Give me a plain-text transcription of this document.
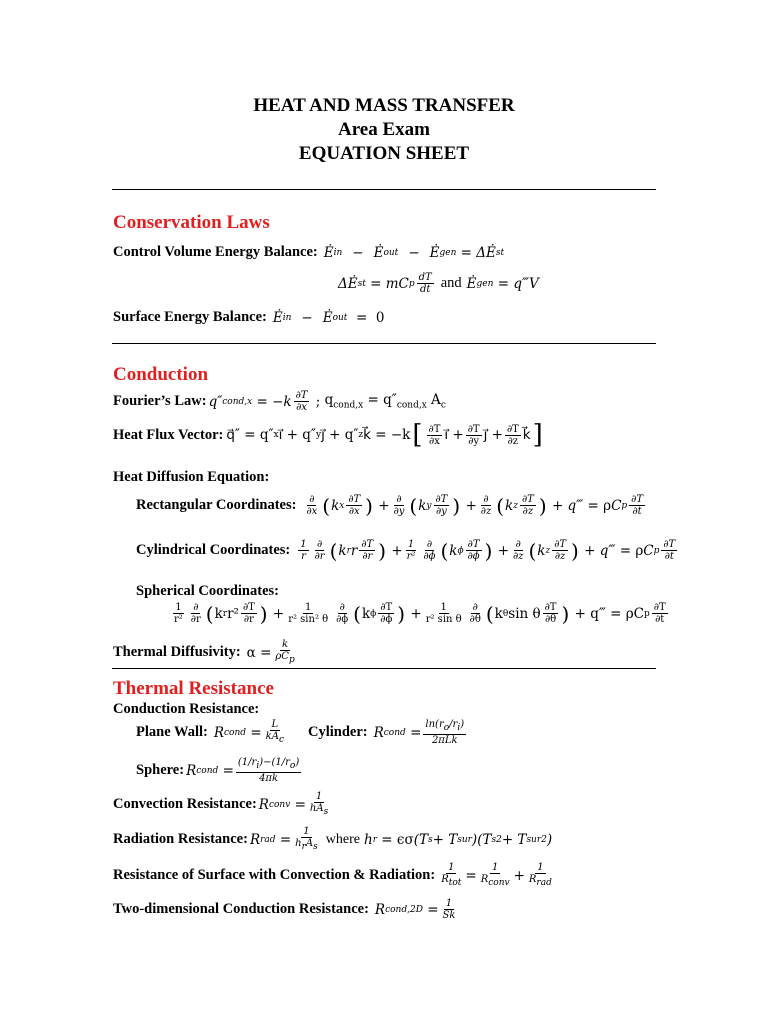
HEAT AND MASS TRANSFER
Area Exam
EQUATION SHEET
Conservation Laws
Control Volume Energy Balance: Ė in − Ė out − Ė gen
= ΔĖ st
ΔĖ st
= mC p $\frac{dT}{dt}$ and Ė gen
= q‴V
Surface Energy Balance: Ė in − Ė out
=
0
Conduction
Fourier’s Law: q″ cond,x
= − k $\frac{\partial T}{\partial x}$
;
$q_{cond,x} = q''_{cond,x}$ $A_c$
Heat Flux Vector: q⃗″ = q″ x i⃗ + q″ y j⃗ + q″ z k⃗ = −k [ $\frac{\partial T}{\partial x}$ i⃗ + $\frac{\partial T}{\partial y}$ j⃗ + $\frac{\partial T}{\partial z}$ k⃗ ]
Heat Diffusion Equation:
Rectangular Coordinates: $\frac{\partial}{\partial x}$ ( k x $\frac{\partial T}{\partial x}$ )
+ $\frac{\partial}{\partial y}$ ( k y $\frac{\partial T}{\partial y}$ )
+ $\frac{\partial}{\partial z}$ ( k z $\frac{\partial T}{\partial z}$ )
+ q‴ = ρ C p $\frac{\partial T}{\partial t}$
Cylindrical Coordinates: $\frac{1}{r} \frac{\partial}{\partial r}$ ( k r r $\frac{\partial T}{\partial r}$ )
+ $\frac{1}{\text{r²}} \frac{\partial}{\partial\phi}$ ( k ϕ $\frac{\partial T}{\partial\phi}$ )
+ $\frac{\partial}{\partial z}$ ( k z $\frac{\partial T}{\partial z}$ )
+ q‴ = ρ C p $\frac{\partial T}{\partial t}$
Spherical Coordinates:
$\frac{1}{\text{r²}} \frac{\partial}{\partial r}$ ( k r $r^2 \frac{\partial T}{\partial r}$ ) + $\frac{1}{\text{r² sin² θ}} \frac{\partial}{\partial\phi}$ ( k ϕ $\frac{\partial T}{\partial\phi}$ ) + $\frac{1}{\text{r² sin θ}} \frac{\partial}{\partial\theta}$ ( k θ sin θ $\frac{\partial T}{\partial\theta}$ ) + q‴ = ρC p $\frac{\partial T}{\partial t}$
Thermal Diffusivity: $\alpha = \frac{k}{\rho C_p}$
Thermal Resistance
Conduction Resistance:
Plane Wall: R cond
= $\frac{L}{kA_c}$ Cylinder: R cond
= $\frac{\ln(r_o/r_i)}{\text{2πLk}}$
Sphere: R cond
= $\frac{(1/r_i)-(1/r_o)}{4\pi k}$
Convection Resistance: R conv
= $\frac{1}{hA_s}$
Radiation Resistance: R rad
= $\frac{1}{h_rA_s}$ where h r
= ϵσ (T s + T sur )(T s 2 + T sur 2 )
Resistance of Surface with Convection & Radiation: $\frac{1}{R_{tot}} = \frac{1}{R_{conv}} + \frac{1}{R_{rad}}$
Two-dimensional Conduction Resistance: R cond,2D
= $\frac{1}{Sk}$
